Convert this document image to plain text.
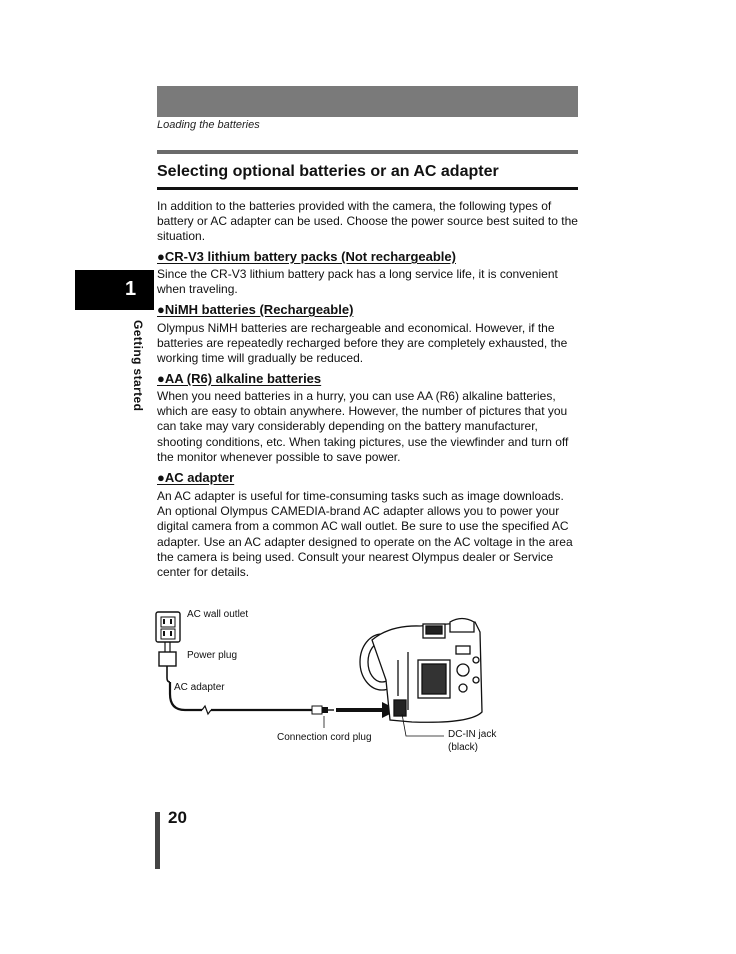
Loading the batteries
Selecting optional batteries or an AC adapter

In addition to the batteries provided with the camera, the following types of battery or AC adapter can be used. Choose the power source best suited to the situation.

●CR-V3 lithium battery packs (Not rechargeable)

Since the CR-V3 lithium battery pack has a long service life, it is convenient when traveling.

●NiMH batteries (Rechargeable)

Olympus NiMH batteries are rechargeable and economical. However, if the batteries are repeatedly recharged before they are completely exhausted, the working time will gradually be reduced.

●AA (R6) alkaline batteries

When you need batteries in a hurry, you can use AA (R6) alkaline batteries, which are easy to obtain anywhere. However, the number of pictures that you can take may vary considerably depending on the battery manufacturer, shooting conditions, etc. When taking pictures, use the viewfinder and turn off the monitor whenever possible to save power.

●AC adapter

An AC adapter is useful for time-consuming tasks such as image downloads. An optional Olympus CAMEDIA-brand AC adapter allows you to power your digital camera from a common AC wall outlet. Be sure to use the specified AC adapter. Use an AC adapter designed to operate on the AC voltage in the area the camera is being used. Consult your nearest Olympus dealer or Service center for details.

AC wall outlet
Power plug
AC adapter
Connection cord plug	DC-IN jack
(black)
1
Getting started
20
